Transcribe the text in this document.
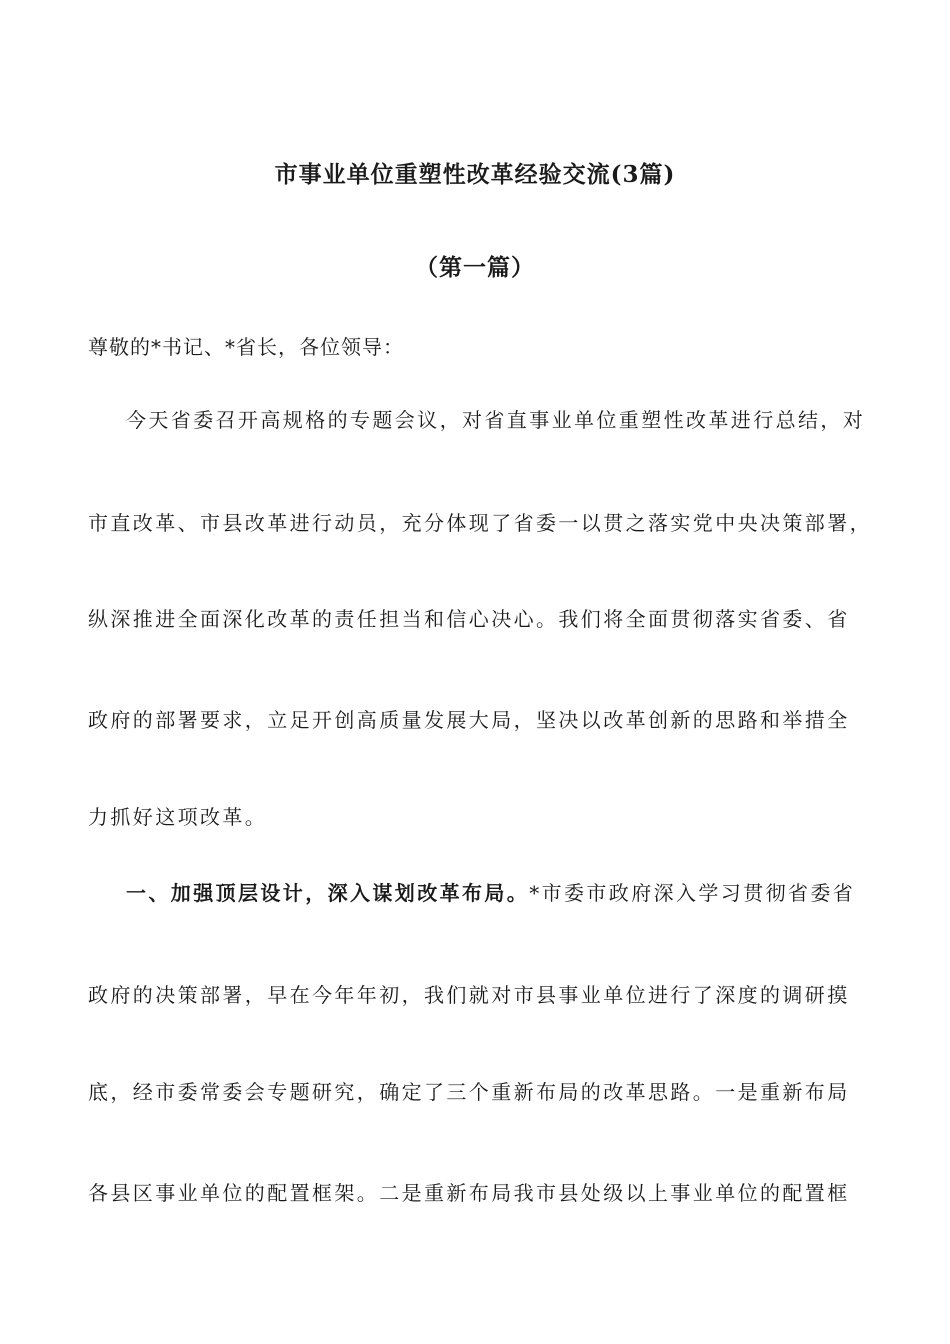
市事业单位重塑性改革经验交流(3篇)
（第一篇）
尊敬的*书记、*省长，各位领导：
今天省委召开高规格的专题会议，对省直事业单位重塑性改革进行总结，对
市直改革、市县改革进行动员，充分体现了省委一以贯之落实党中央决策部署，
纵深推进全面深化改革的责任担当和信心决心。我们将全面贯彻落实省委、省
政府的部署要求，立足开创高质量发展大局，坚决以改革创新的思路和举措全
力抓好这项改革。
一、加强顶层设计，深入谋划改革布局。*市委市政府深入学习贯彻省委省
政府的决策部署，早在今年年初，我们就对市县事业单位进行了深度的调研摸
底，经市委常委会专题研究，确定了三个重新布局的改革思路。一是重新布局
各县区事业单位的配置框架。二是重新布局我市县处级以上事业单位的配置框
